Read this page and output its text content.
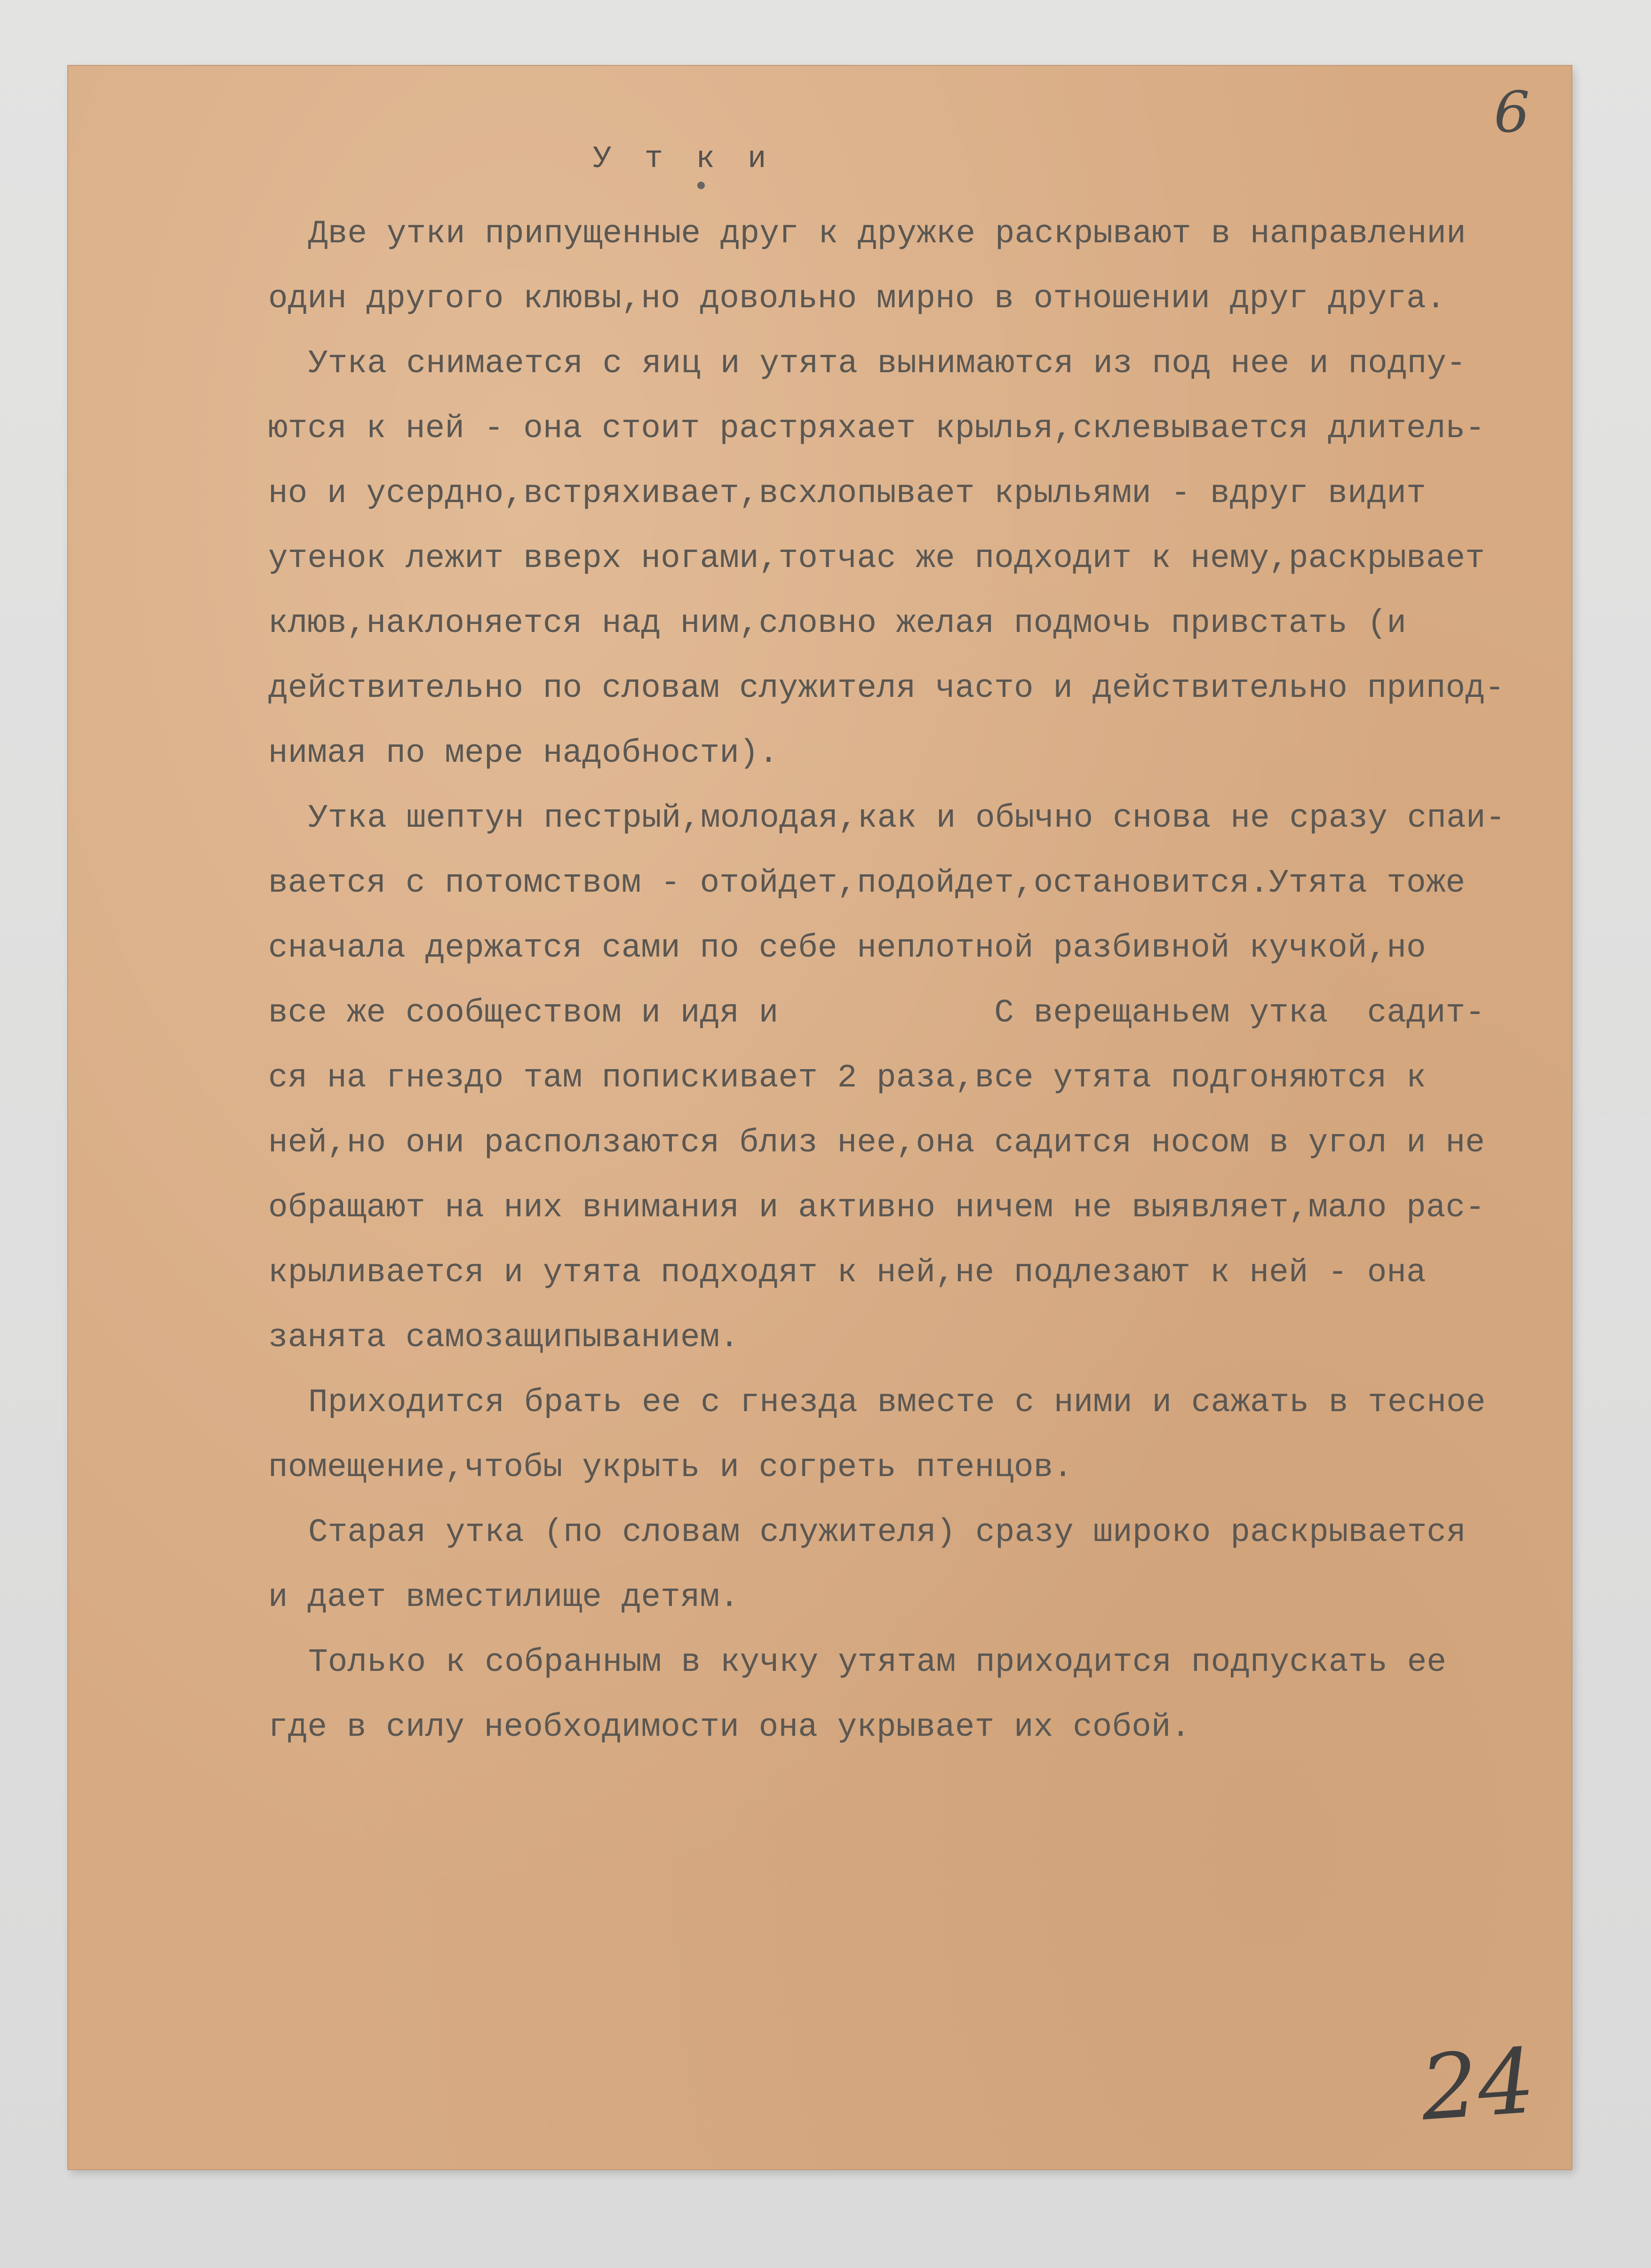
6
Утки
Две утки припущенные друг к дружке раскрывают в направлении
один другого клювы,но довольно мирно в отношении друг друга.
Утка снимается с яиц и утята вынимаются из под нее и подпу-
ются к ней - она стоит растряхает крылья,склевывается длитель-
но и усердно,встряхивает,всхлопывает крыльями - вдруг видит
утенок лежит вверх ногами,тотчас же подходит к нему,раскрывает
клюв,наклоняется над ним,словно желая подмочь привстать (и
действительно по словам служителя часто и действительно припод-
нимая по мере надобности).
Утка шептун пестрый,молодая,как и обычно снова не сразу спаи-
вается с потомством - отойдет,подойдет,остановится.Утята тоже
сначала держатся сами по себе неплотной разбивной кучкой,но
все же сообществом и идя и           С верещаньем утка  садит-
ся на гнездо там попискивает 2 раза,все утята подгоняются к
ней,но они расползаются близ нее,она садится носом в угол и не
обращают на них внимания и активно ничем не выявляет,мало рас-
крыливается и утята подходят к ней,не подлезают к ней - она
занята самозащипыванием.
Приходится брать ее с гнезда вместе с ними и сажать в тесное
помещение,чтобы укрыть и согреть птенцов.
Старая утка (по словам служителя) сразу широко раскрывается
и дает вместилище детям.
Только к собранным в кучку утятам приходится подпускать ее
где в силу необходимости она укрывает их собой.
24
